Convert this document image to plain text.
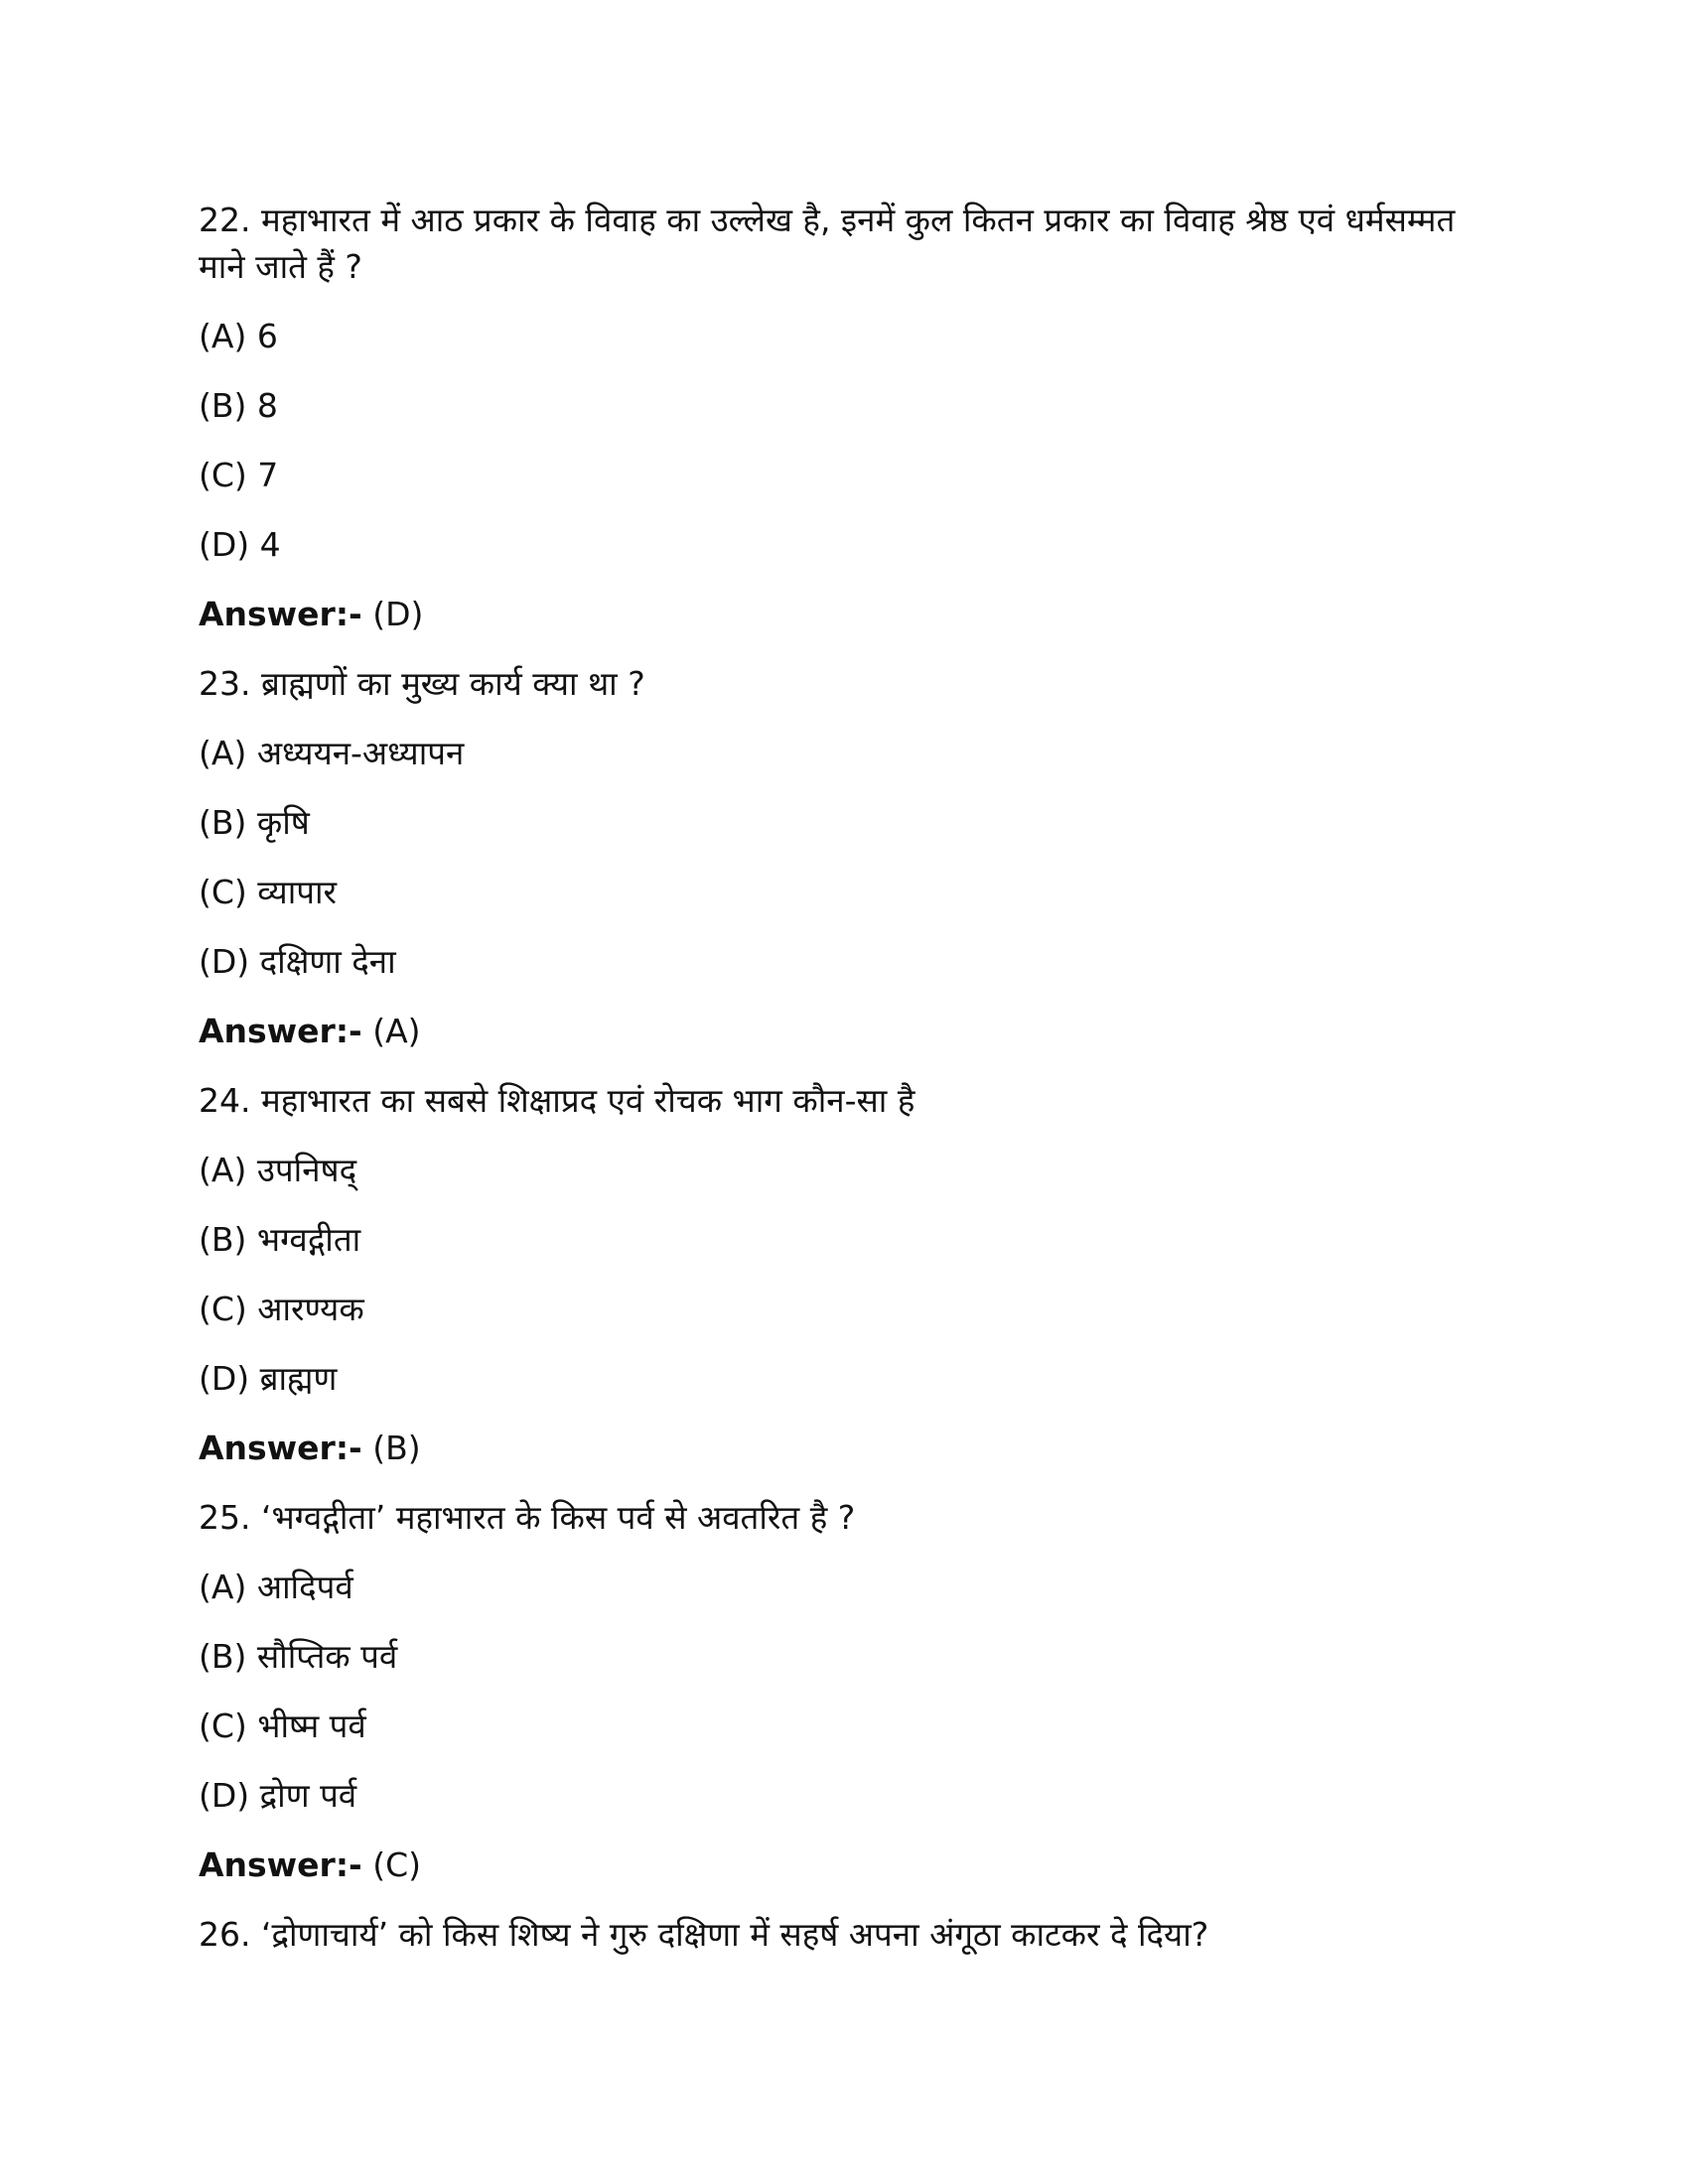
22. महाभारत में आठ प्रकार के विवाह का उल्लेख है, इनमें कुल कितन प्रकार का विवाह श्रेष्ठ एवं धर्मसम्मत माने जाते हैं ?
(A) 6
(B) 8
(C) 7
(D) 4
Answer:- (D)
23. ब्राह्मणों का मुख्य कार्य क्या था ?
(A) अध्ययन-अध्यापन
(B) कृषि
(C) व्यापार
(D) दक्षिणा देना
Answer:- (A)
24. महाभारत का सबसे शिक्षाप्रद एवं रोचक भाग कौन-सा है
(A) उपनिषद्
(B) भग्वद्गीता
(C) आरण्यक
(D) ब्राह्मण
Answer:- (B)
25. ‘भग्वद्गीता’ महाभारत के किस पर्व से अवतरित है ?
(A) आदिपर्व
(B) सौप्तिक पर्व
(C) भीष्म पर्व
(D) द्रोण पर्व
Answer:- (C)
26. ‘द्रोणाचार्य’ को किस शिष्य ने गुरु दक्षिणा में सहर्ष अपना अंगूठा काटकर दे दिया?
